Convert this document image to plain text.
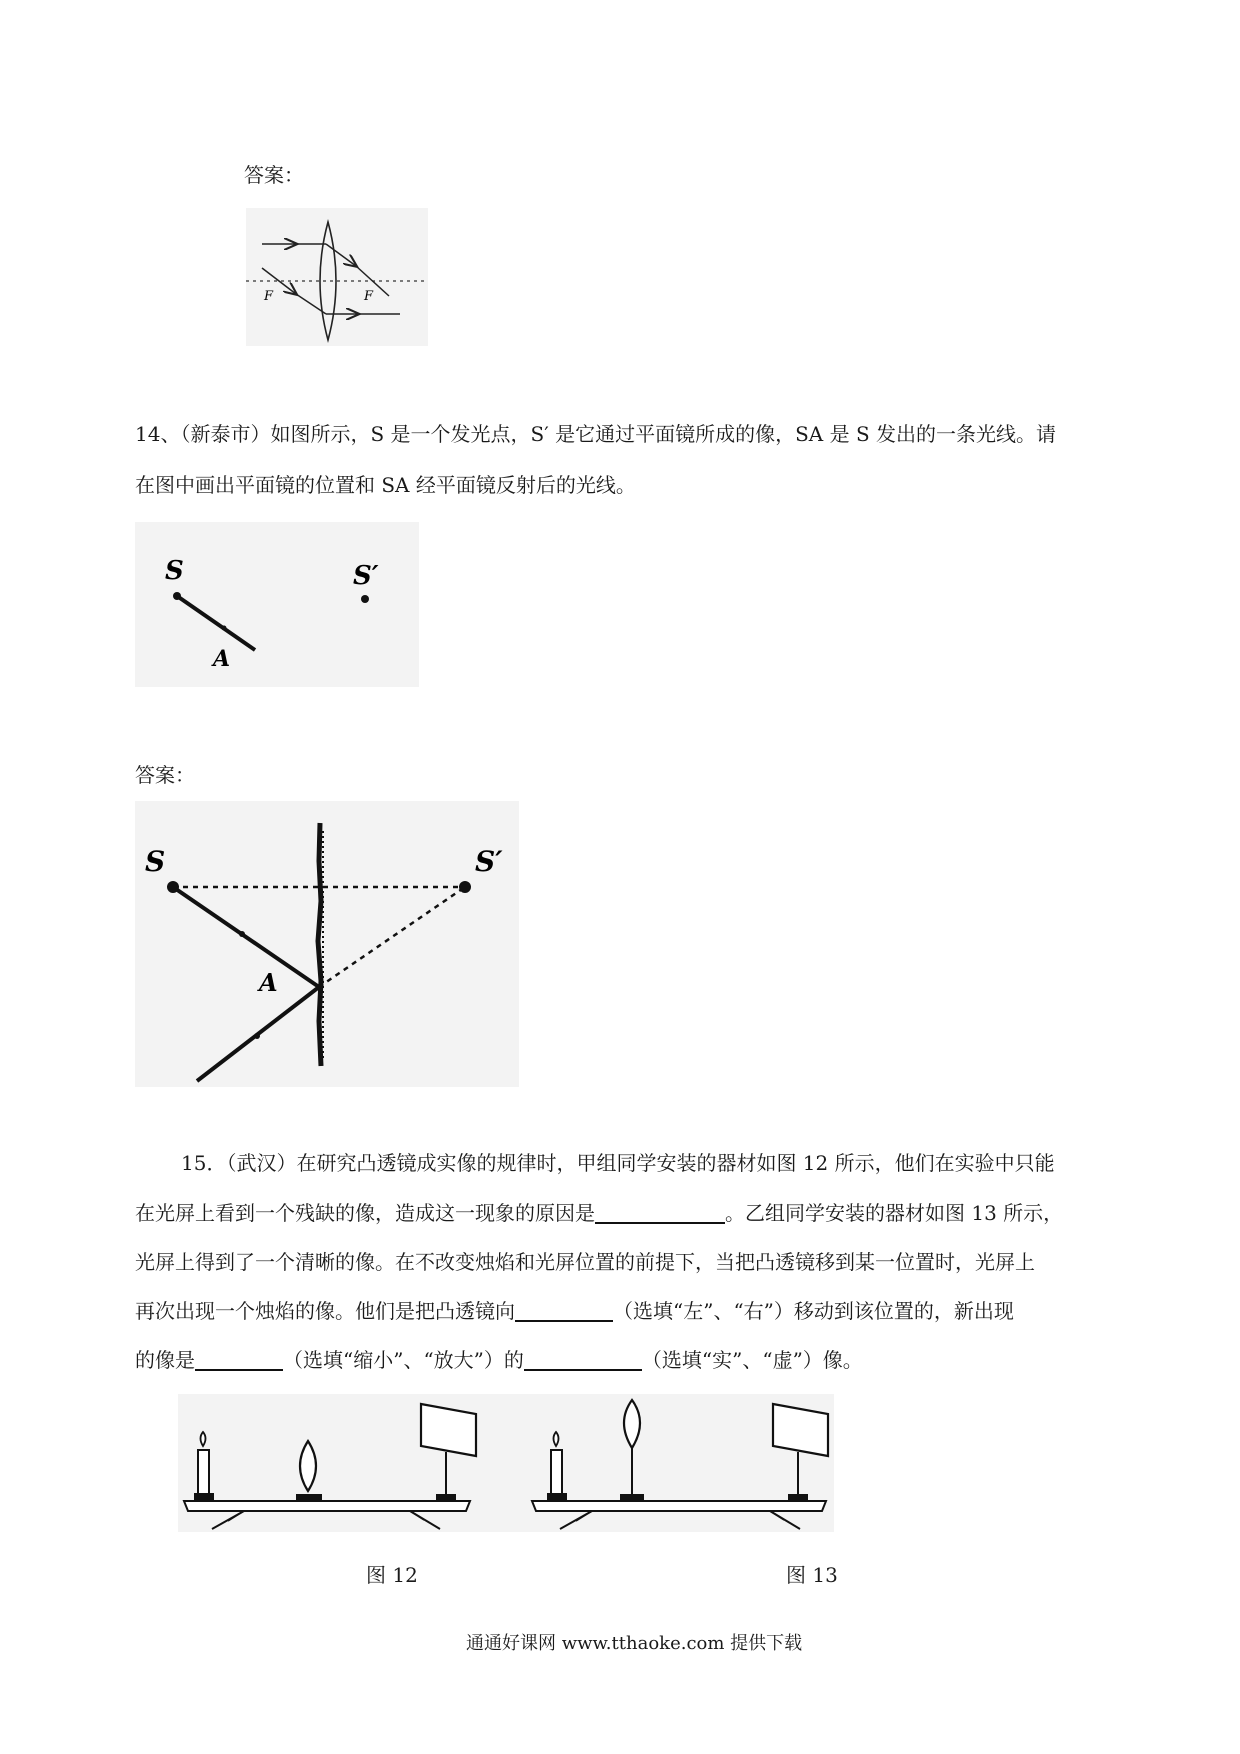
答案：
F	F
14、（新泰市）如图所示，S 是一个发光点，S′ 是它通过平面镜所成的像，SA 是 S 发出的一条光线。请
在图中画出平面镜的位置和 SA 经平面镜反射后的光线。
S	S′
A
答案：
S	S′
A
15．（武汉）在研究凸透镜成实像的规律时，甲组同学安装的器材如图 12 所示，他们在实验中只能
在光屏上看到一个残缺的像，造成这一现象的原因是	。乙组同学安装的器材如图 13 所示，
光屏上得到了一个清晰的像。在不改变烛焰和光屏位置的前提下，当把凸透镜移到某一位置时，光屏上
再次出现一个烛焰的像。他们是把凸透镜向	（选填“左”、“右”）移动到该位置的，新出现
的像是	（选填“缩小”、“放大”）的	（选填“实”、“虚”）像。
图 12	图 13
通通好课网 www.tthaoke.com 提供下载
